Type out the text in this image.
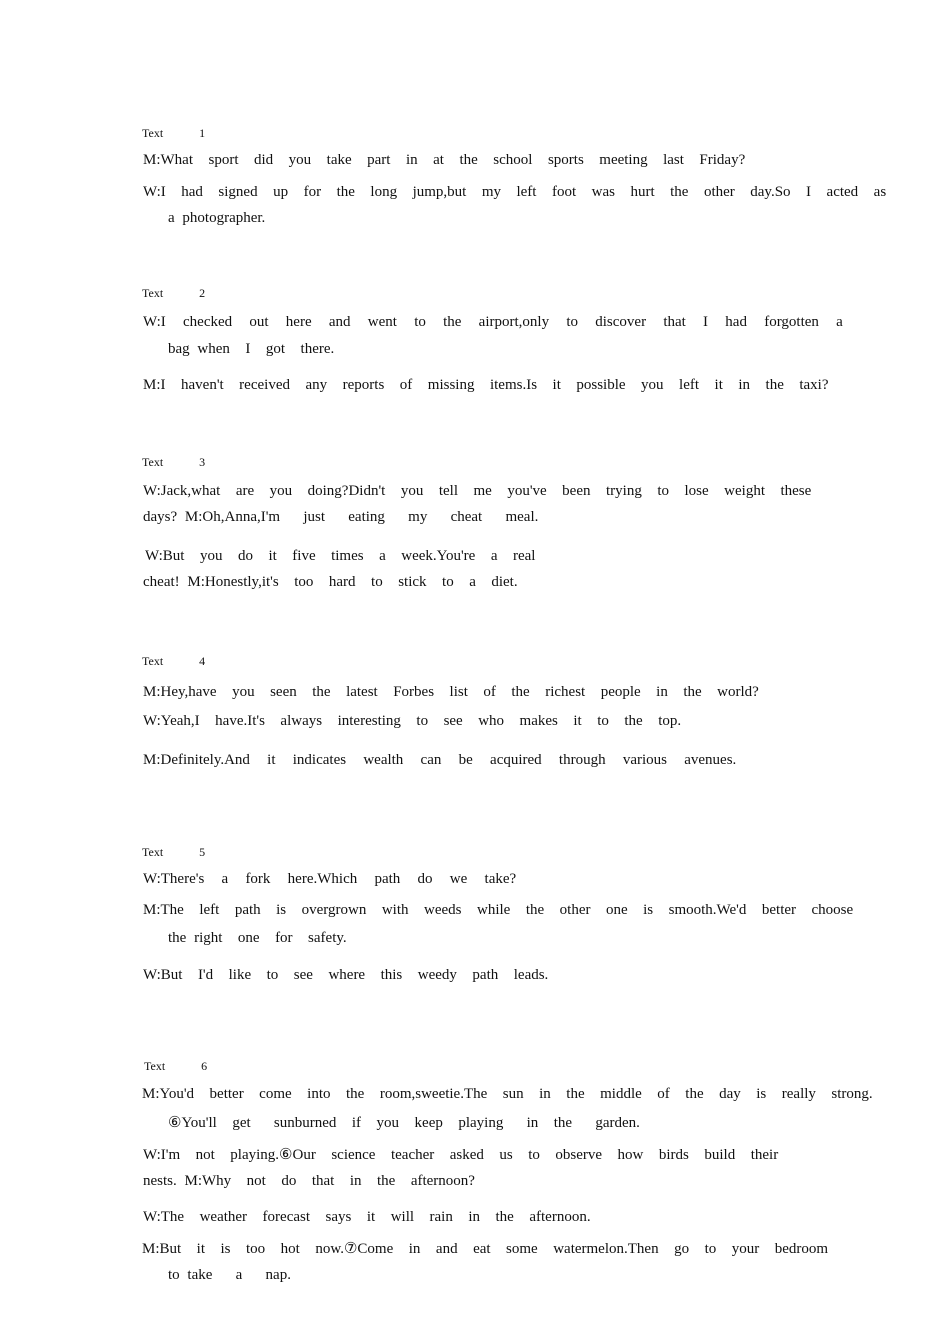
Text    1
M:What  sport  did  you  take  part  in  at  the  school  sports  meeting  last  Friday?
W:I  had  signed  up  for  the  long  jump,but  my  left  foot  was  hurt  the  other  day.So  I  acted  as
a photographer.
Text    2
W:I   checked   out   here   and   went   to   the   airport,only   to   discover   that   I   had   forgotten   a
bag when  I  got  there.
M:I  haven't  received  any  reports  of  missing  items.Is  it  possible  you  left  it  in  the  taxi?
Text    3
W:Jack,what  are  you  doing?Didn't  you  tell  me  you've  been  trying  to  lose  weight  these
days? M:Oh,Anna,I'm   just   eating   my   cheat   meal.
W:But  you  do  it  five  times  a  week.You're  a  real
cheat! M:Honestly,it's  too  hard  to  stick  to  a  diet.
Text    4
M:Hey,have  you  seen  the  latest  Forbes  list  of  the  richest  people  in  the  world?
W:Yeah,I  have.It's  always  interesting  to  see  who  makes  it  to  the  top.
M:Definitely.And   it   indicates   wealth   can   be   acquired   through   various   avenues.
Text    5
W:There's   a   fork   here.Which   path   do   we   take?
M:The  left  path  is  overgrown  with  weeds  while  the  other  one  is  smooth.We'd  better  choose
the right  one  for  safety.
W:But  I'd  like  to  see  where  this  weedy  path  leads.
Text    6
M:You'd  better  come  into  the  room,sweetie.The  sun  in  the  middle  of  the  day  is  really  strong.
⑥You'll  get   sunburned  if  you  keep  playing   in  the   garden.
W:I'm  not  playing.⑥Our  science  teacher  asked  us  to  observe  how  birds  build  their
nests. M:Why  not  do  that  in  the  afternoon?
W:The  weather  forecast  says  it  will  rain  in  the  afternoon.
M:But  it  is  too  hot  now.⑦Come  in  and  eat  some  watermelon.Then  go  to  your  bedroom
to take   a   nap.
